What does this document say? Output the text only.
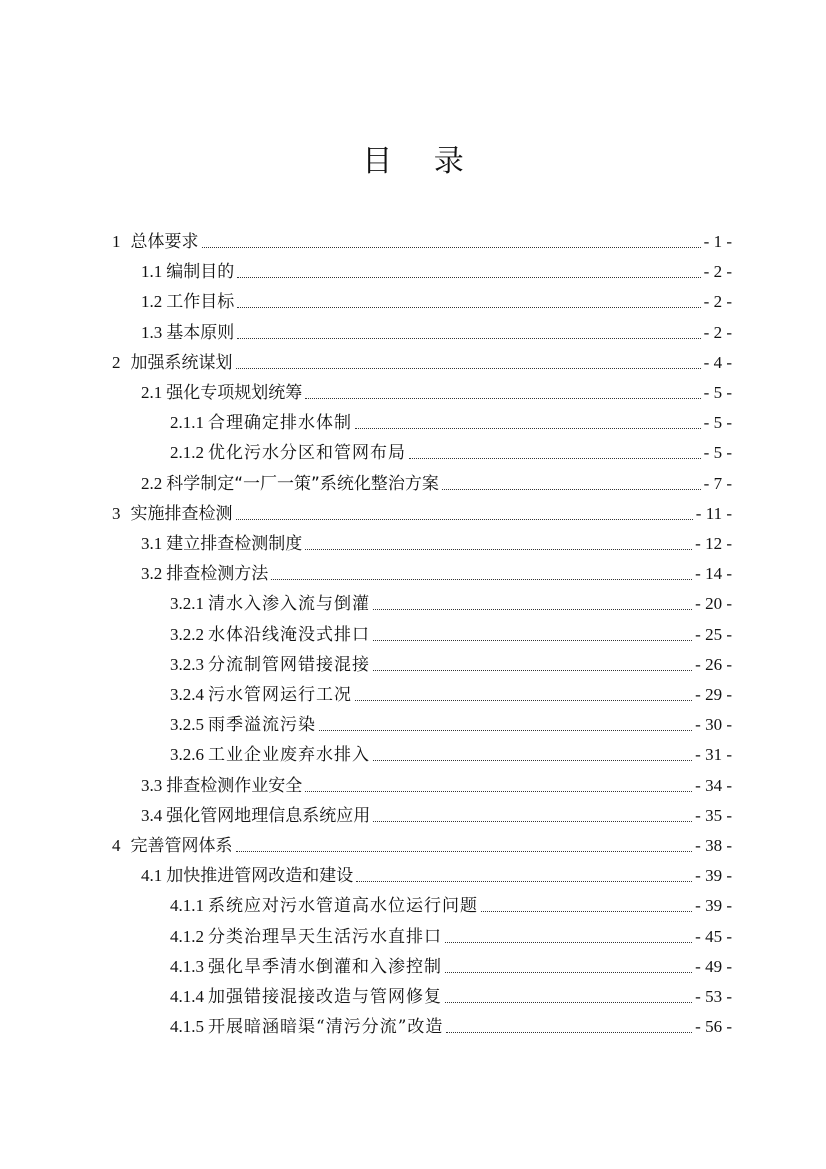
目 录
1 总体要求	- 1 -
1.1 编制目的	- 2 -
1.2 工作目标	- 2 -
1.3 基本原则	- 2 -
2 加强系统谋划	- 4 -
2.1 强化专项规划统筹	- 5 -
2.1.1 合理确定排水体制	- 5 -
2.1.2 优化污水分区和管网布局	- 5 -
2.2 科学制定“一厂一策”系统化整治方案	- 7 -
3 实施排查检测	- 11 -
3.1 建立排查检测制度	- 12 -
3.2 排查检测方法	- 14 -
3.2.1 清水入渗入流与倒灌	- 20 -
3.2.2 水体沿线淹没式排口	- 25 -
3.2.3 分流制管网错接混接	- 26 -
3.2.4 污水管网运行工况	- 29 -
3.2.5 雨季溢流污染	- 30 -
3.2.6 工业企业废弃水排入	- 31 -
3.3 排查检测作业安全	- 34 -
3.4 强化管网地理信息系统应用	- 35 -
4 完善管网体系	- 38 -
4.1 加快推进管网改造和建设	- 39 -
4.1.1 系统应对污水管道高水位运行问题	- 39 -
4.1.2 分类治理旱天生活污水直排口	- 45 -
4.1.3 强化旱季清水倒灌和入渗控制	- 49 -
4.1.4 加强错接混接改造与管网修复	- 53 -
4.1.5 开展暗涵暗渠“清污分流”改造	- 56 -
